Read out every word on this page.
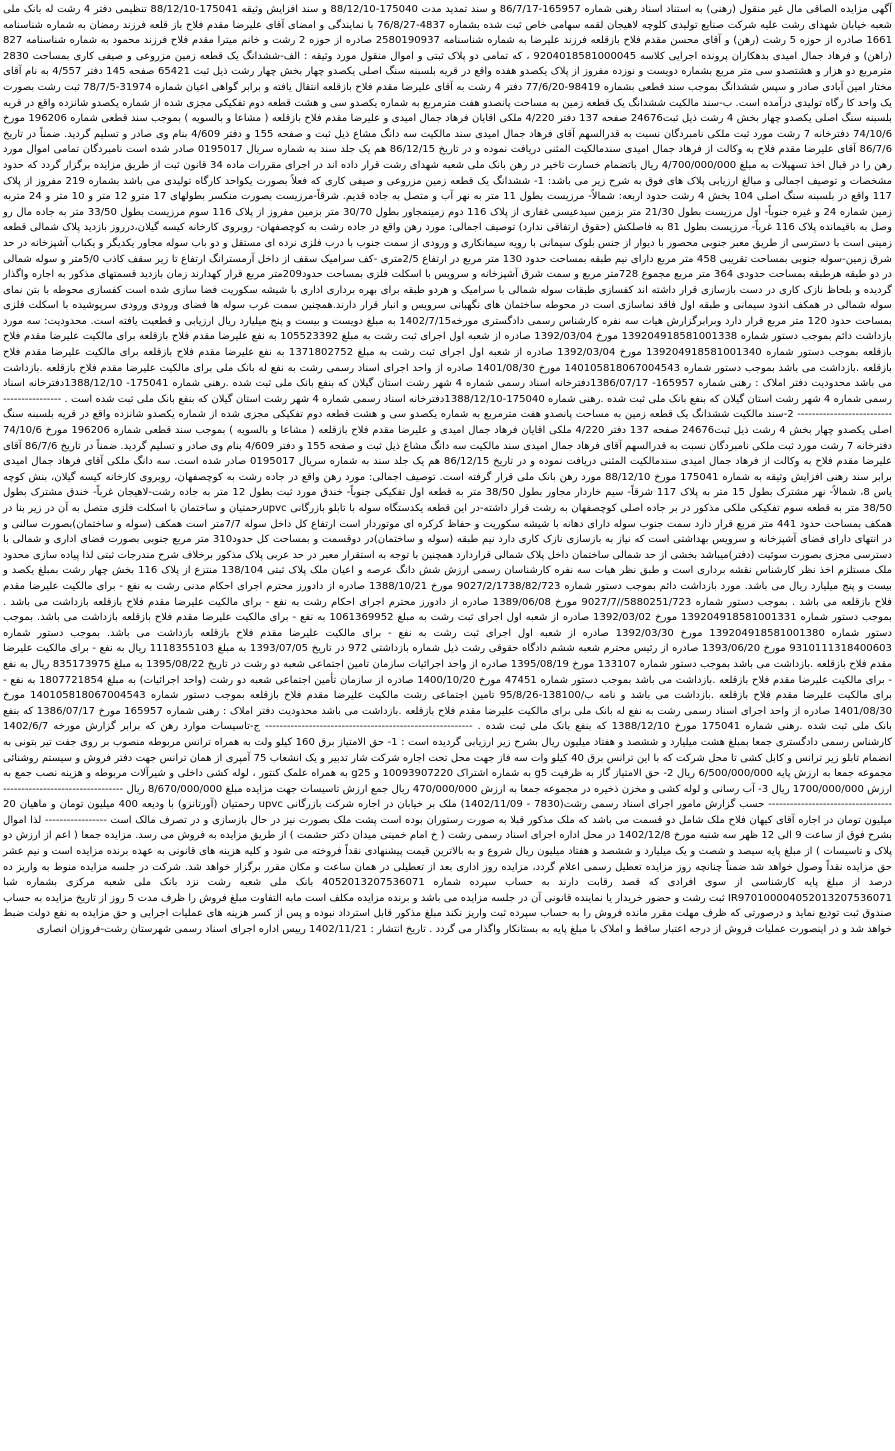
آگهی مزایده الصاقی مال غیر منقول (رهنی) به استناد اسناد رهنی شماره 165957-86/7/17 و سند تمدید مدت 175040-88/12/10 و سند افزایش وثیقه 175041-88/12/10 تنظیمی دفتر 4 رشت له بانک ملی شعبه خیابان شهدای رشت علیه شرکت صنایع تولیدی کلوچه لاهیجان لقمه سهامی خاص ثبت شده بشماره 4837-76/8/27 با نمایندگی و امضای آقای علیرضا مقدم فلاح باز قلعه فرزند رمضان به شماره شناسنامه 1661 صادره از حوزه 5 رشت (رهن) و آقای محسن مقدم فلاح بازقلعه فرزند علیرضا به شماره شناسنامه 2580190937 صادره از حوزه 2 رشت و خانم میترا مقدم فلاح فرزند محمود به شماره شناسنامه 827 (راهن) و فرهاد جمال امیدی بدهکاران پرونده اجرایی کلاسه 9204018581000045 ، که تمامی دو پلاک ثبتی و اموال منقول مورد وثیقه : الف-ششدانگ یک قطعه زمین مزروعی و صیفی کاری بمساحت 2830 مترمربع دو هزار و هشتصدو سی متر مربع بشماره دویست و نوزده مفروز از پلاک یکصدو هفده واقع در قریه بلسبنه سنگ اصلی یکصدو چهار بخش چهار رشت ذیل ثبت 65421 صفحه 145 دفتر 4/557 به نام آقای مختار امین آبادی صادر و سپس ششدانگ بموجب سند قطعی بشماره 98419-77/6/20 دفتر 4 رشت به آقای علیرضا مقدم فلاح بازقلعه انتقال یافته و برابر گواهی اعیان شماره 31974-78/7/5 ثبت رشت بصورت یک واحد کا رگاه تولیدی درآمده است. ب-سند مالکیت ششدانگ یک قطعه زمین به مساحت پانصدو هفت مترمربع به شماره یکصدو سی و هشت قطعه دوم تفکیکی مجزی شده از شماره یکصدو شانزده واقع در قریه بلسبنه سنگ اصلی یکصدو چهار بخش 4 رشت ذیل ثبت24676 صفحه 137 دفتر 4/220 ملکی اقایان فرهاد جمال امیدی و علیرضا مقدم فلاح بازقلعه ( مشاعا و بالسویه ) بموجب سند قطعی شماره 196206 مورخ 74/10/6 دفترخانه 7 رشت مورد ثبت ملکی نامبردگان نسبت به قدرالسهم آقای فرهاد جمال امیدی سند مالکیت سه دانگ مشاع ذیل ثبت و صفحه 155 و دفتر 4/609 بنام وی صادر و تسلیم گردید. ضمناً در تاریخ 86/7/6 آقای علیرضا مقدم فلاح به وکالت از فرهاد جمال امیدی سندمالکیت المثنی دریافت نموده و در تاریخ 86/12/15 هم یک جلد سند به شماره سریال 0195017 صادر شده است نامبردگان تمامی اموال مورد رهن را در قبال اخذ تسهیلات به مبلغ 4/700/000/000 ریال باتضمام خسارت تاخیر در رهن بانک ملی شعبه شهدای رشت قرار داده اند در اجرای مقررات ماده 34 قانون ثبت از طریق مزایده برگزار گردد که حدود مشخصات و توصیف اجمالی و مبالغ ارزیابی پلاک های فوق به شرح زیر می باشد: 1- ششدانگ یک قطعه زمین مزروعی و صیفی کاری که فعلاً بصورت یکواحد کارگاه تولیدی می باشد بشماره 219 مفروز از پلاک 117 واقع در بلسبنه سنگ اصلی 104 بخش 4 رشت حدود اربعه: شمالاً- مرزیست بطول 11 متر به نهر آب و متصل به جاده قدیم. شرقاً-مرزیست بصورت منکسر بطولهای 17 مترو 12 متر و 10 متر و 24 متربه زمین شماره 24 و غیره جنوباً- اول مرزیست بطول 21/30 متر بزمین سیدعیسی غفاری از پلاک 116 دوم زمینمجاور بطول 30/70 متر بزمین مفروز از پلاک 116 سوم مرزیست بطول 33/50 متر به جاده مال رو وصل به باقیمانده پلاک 116 غرباً- مرزیست بطول 81 به فاصلکش (حقوق ارتفاقی ندارد) توصیف اجمالی: مورد رهن واقع در جاده رشت به کوچصفهان- روبروی کارخانه کیسه گیلان،درروز بازدید پلاک شمالی قطعه زمینی است با دسترسی از طریق معبر جنوبی محصور با دیوار از جنس بلوک سیمانی با رویه سیمانکاری و ورودی از سمت جنوب با درب فلزی نرده ای مستقل و دو باب سوله مجاور یکدیگر و یکباب آشپزخانه در حد شرق زمین-سوله جنوبی بمساحت تقریبی 458 متر مربع دارای نیم طبقه بمساحت حدود 130 متر مربع در ارتفاع 2/5متری -کف سرامیک سقف از داخل آرمسترانگ ارتفاع تا زیر سقف کاذب 5/0متر و سوله شمالی در دو طبقه هرطبقه بمساحت حدودی 364 متر مربع مجموع 728متر مربع و سمت شرق آشپزخانه و سرویس با اسکلت فلزی بمساحت حدود209متر مربع قرار کهدارند زمان بازدید قسمتهای مذکور به اجاره واگذار گردیده و بلحاظ نازک کاری در دست بازسازی قرار داشته اند کفسازی طبقات سوله شمالی با سرامیک و هردو طبقه برای بهره برداری اداری با شیشه سکوریت فضا سازی شده است کفسازی محوطه با بتن نمای سوله شمالی در همکف اندود سیمانی و طبقه اول فاقد نماسازی است در محوطه ساختمان های نگهبانی سرویس و انبار قرار دارند.همچنین سمت غرب سوله ها فضای ورودی ورودی سرپوشیده با اسکلت فلزی بمساحت حدود 120 متر مربع قرار دارد وبرابرگزارش هیات سه نفره کارشناس رسمی دادگستری مورخه1402/7/15 به مبلغ دویست و بیست و پنج میلیارد ریال ارزیابی و قطعیت یافته است. محدودیت: سه مورد بازداشت دائم بموجب دستور شماره 139204918581001338 مورخ 1392/03/04 صادره از شعبه اول اجرای ثبت رشت به مبلغ 105523392 به نفع علیرضا مقدم فلاح بازقلعه برای مالکیت علیرضا مقدم فلاح بازقلعه بموجب دستور شماره 139204918581001340 مورخ 1392/03/04 صادره از شعبه اول اجرای ثبت رشت به مبلغ 1371802752 به نفع علیرضا مقدم فلاح بازقلعه برای مالکیت علیرضا مقدم فلاح بازقلعه .بازداشت می باشد بموجب دستور شماره 140105818067004543 مورخ 1401/08/30 صادره از واحد اجرای اسناد رسمی رشت به نفع له بانک ملی برای مالکیت علیرضا مقدم فلاح بازقلعه .بازداشت می باشد محدودیت دفتر املاک : رهنی شماره 165957- 1386/07/17دفترخانه اسناد رسمی شماره 4 شهر رشت استان گیلان که بنفع بانک ملی ثبت شده .رهنی شماره 175041- 1388/12/10دفترخانه اسناد رسمی شماره 4 شهر رشت استان گیلان که بنفع بانک ملی ثبت شده .رهنی شماره 175040-1388/12/10دفترخانه اسناد رسمی شماره 4 شهر رشت استان گیلان که بنفع بانک ملی ثبت شده است . ------------------------------------------ 2-سند مالکیت ششدانگ یک قطعه زمین به مساحت پانصدو هفت مترمربع به شماره یکصدو سی و هشت قطعه دوم تفکیکی مجزی شده از شماره یکصدو شانزده واقع در قریه بلسبنه سنگ اصلی یکصدو چهار بخش 4 رشت ذیل ثبت24676 صفحه 137 دفتر 4/220 ملکی اقایان فرهاد جمال امیدی و علیرضا مقدم فلاح بازقلعه ( مشاعا و بالسویه ) بموجب سند قطعی شماره 196206 مورخ 74/10/6 دفترخانه 7 رشت مورد ثبت ملکی نامبردگان نسبت به قدرالسهم آقای فرهاد جمال امیدی سند مالکیت سه دانگ مشاع ذیل ثبت و صفحه 155 و دفتر 4/609 بنام وی صادر و تسلیم گردید. ضمناً در تاریخ 86/7/6 آقای علیرضا مقدم فلاح به وکالت از فرهاد جمال امیدی سندمالکیت المثنی دریافت نموده و در تاریخ 86/12/15 هم یک جلد سند به شماره سریال 0195017 صادر شده است. سه دانگ ملکی آقای فرهاد جمال امیدی برابر سند رهنی افزایش وثیقه به شماره 175041 مورخ 88/12/10 مورد رهن بانک ملی قرار گرفته است. توصیف اجمالی: مورد رهن واقع در جاده رشت به کوچصفهان، روبروی کارخانه کیسه گیلان، بنش کوچه یاس 8، شمالاً- نهر مشترک بطول 15 متر به پلاک 117 شرقاً- سیم خاردار مجاور بطول 38/50 متر به قطعه اول تفکیکی جنوباً- خندق مورد ثبت بطول 12 متر به جاده رشت-لاهیجان غرباً- خندق مشترک بطول 38/50 متر به قطعه سوم تفکیکی ملکی مذکور در بر جاده اصلی کوچصفهان به رشت قرار داشته-در این قطعه یکدستگاه سوله با تابلو بازرگانی upvcرحمتیان و ساختمان با اسکلت فلزی متصل به آن در زیر بنا در همکف بمساحت حدود 441 متر مربع قرار دارد سمت جنوب سوله دارای دهانه با شیشه سکوریت و حفاظ کرکره ای موتوردار است ارتفاع کل داخل سوله 7/7متر است همکف (سوله و ساختمان)بصورت سالنی و در انتهای دارای فضای آشپزخانه و سرویس بهداشتی است که نیاز به بازسازی نازک کاری دارد نیم طبقه (سوله و ساختمان)در دوقسمت و بمساحت کل حدود310 متر مربع جنوبی بصورت فضای اداری و شمالی با دسترسی مجزی بصورت سوئیت (دفتر)میباشد بخشی از حد شمالی ساختمان داخل پلاک شمالی قراردارد همچنین با توجه به استقرار معبر در حد عربی پلاک مذکور برخلاف شرح مندرجات ثبتی لذا پیاده سازی محدود ملک مستلزم اخذ نظر کارشناس نقشه برداری است و طبق نظر هیات سه نفره کارشناسان رسمی ارزش شش دانگ عرصه و اعیان ملک پلاک ثبتی 138/104 منتزع از پلاک 116 بخش چهار رشت بمبلغ یکصد و بیست و پنج میلیارد ریال می باشد. مورد بازداشت دائم بموجب دستور شماره 9027/2/1738/82/723 مورخ 1388/10/21 صادره از دادورز محترم اجرای احکام مدنی رشت به نفع - برای مالکیت علیرضا مقدم فلاح بازقلعه می باشد . بموجب دستور شماره 5880251/723//9027/7 مورخ 1389/06/08 صادره از دادورز محترم اجرای احکام رشت به نفع - برای مالکیت علیرضا مقدم فلاح بازقلعه بازداشت می باشد . بموجب دستور شماره 139204918581001331 مورخ 1392/03/02 صادره از شعبه اول اجرای ثبت رشت به مبلغ 1061369952 به نفع - برای مالکیت علیرضا مقدم فلاح بازقلعه بازداشت می باشد. بموجب دستور شماره 139204918581001380 مورخ 1392/03/30 صادره از شعبه اول اجرای ثبت رشت به نفع - برای مالکیت علیرضا مقدم فلاح بازقلعه بازداشت می باشد. بموجب دستور شماره 9310111318400603 مورخ 1393/06/20 صادره از رئیس محترم شعبه ششم دادگاه حقوقی رشت ذیل شماره بازداشتی 972 در تاریخ 1393/07/05 به مبلغ 1118355103 ریال به نفع - برای مالکیت علیرضا مقدم فلاح بازقلعه .بازداشت می باشد بموجب دستور شماره 133107 مورخ 1395/08/19 صادره از واحد اجرائیات سازمان تامین اجتماعی شعبه دو رشت در تاریخ 1395/08/22 به مبلغ 835173975 ریال به نفع - برای مالکیت علیرضا مقدم فلاح بازقلعه .بازداشت می باشد بموجب دستور شماره 47451 مورخ 1400/10/20 صادره از سازمان تأمین اجتماعی شعبه دو رشت (واحد اجرائیات) به مبلغ 1807721854 به نفع - برای مالکیت علیرضا مقدم فلاح بازقلعه .بازداشت می باشد و نامه ب/138100-95/8/26 تامین اجتماعی رشت مالکیت علیرضا مقدم فلاح بازقلعه بموجب دستور شماره 140105818067004543 مورخ 1401/08/30 صادره از واحد اجرای اسناد رسمی رشت به نفع له بانک ملی برای مالکیت علیرضا مقدم فلاح بازقلعه .بازداشت می باشد محدودیت دفتر املاک : رهنی شماره 165957 مورخ 1386/07/17 که بنفع بانک ملی ثبت شده .رهنی شماره 175041 مورخ 1388/12/10 که بنفع بانک ملی ثبت شده . --------------------------------------------------------- ج-تاسیسات موارد رهن که برابر گزارش مورخه 1402/6/7 کارشناس رسمی دادگستری جمعا بمبلغ هشت میلیارد و ششصد و هفتاد میلیون ریال بشرح زیر ارزیابی گردیده است : 1- حق الامتیاز برق 160 کیلو ولت به همراه ترانس مربوطه منصوب بر روی جفت تیر بتونی به انضمام تابلو زیر ترانس و کابل کشی تا محل شرکت که با این ترانس برق 40 کیلو وات سه فاز جهت محل تحت اجاره شرکت شار تدبیر و یک انشعاب 75 آمپری از همان ترانس جهت دفتر فروش و سیستم روشنائی مجموعه جمعا به ارزش پایه 6/500/000/000 ریال 2- حق الامتیاز گاز به ظرفیت g5 به شماره اشتراک 10093907220 و g25 به همراه علمک کنتور ، لوله کشی داخلی و شیرآلات مربوطه و هزینه نصب جمع به ارزش 1700/000/000 ریال 3- آب رسانی و لوله کشی و مخزن ذخیره در مجموعه جمعا به ارزش 470/000/000 ریال جمع ارزش تاسیسات جهت مزایده مبلغ 8/670/000/000 ریال ------------------------------------------------------------------- حسب گزارش مامور اجرای اسناد رسمی رشت(7830 - 1402/11/09) ملک بر خیابان در اجاره شرکت بازرگانی upvc رحمتیان (آورتانزو) با ودیعه 400 میلیون تومان و ماهیان 20 میلیون تومان در اجاره آقای کیهان فلاح ملک شامل دو قسمت می باشد که ملک مذکور قبلا به صورت رستوران بوده است پشت ملک بصورت نیز در حال بازسازی و در تصرف مالک است ----------------- لذا اموال بشرح فوق از ساعت 9 الی 12 ظهر سه شنبه مورخ 1402/12/8 در محل اداره اجرای اسناد رسمی رشت ( خ امام خمینی میدان دکتر حشمت ) از طریق مزایده به فروش می رسد. مزایده جمعا ( اعم از ارزش دو پلاک و تاسیسات ) از مبلغ پایه سیصد و شصت و یک میلیارد و ششصد و هفتاد میلیون ریال شروع و به بالاترین قیمت پیشنهادی نقداً فروخته می شود و کلیه هزینه های قانونی به عهده برنده مزایده است و نیم عشر حق مزایده نقداً وصول خواهد شد ضمناً چنانچه روز مزایده تعطیل رسمی اعلام گردد، مزایده روز اداری بعد از تعطیلی در همان ساعت و مکان مقرر برگزار خواهد شد. شرکت در جلسه مزایده منوط به واریز ده درصد از مبلغ پایه کارشناسی از سوی افرادی که قصد رقابت دارند به حساب سپرده شماره 4052013207536071 بانک ملی شعبه رشت نزد بانک ملی شعبه مرکزی بشماره شبا IR970100004052013207536071 ثبت رشت و حضور خریدار یا نماینده قانونی آن در جلسه مزایده می باشد و برنده مزایده مکلف است مابه التفاوت مبلغ فروش را ظرف مدت 5 روز از تاریخ مزایده به حساب صندوق ثبت تودیع نماید و درصورتی که ظرف مهلت مقرر مانده فروش را به حساب سپرده ثبت واریز نکند مبلغ مذکور قابل استرداد نبوده و پس از کسر هزینه های عملیات اجرایی و حق مزایده به نفع دولت ضبط خواهد شد و در اینصورت عملیات فروش از درجه اعتبار ساقط و املاک با مبلغ پایه به بستانکار واگذار می گردد . تاریخ انتشار : 1402/11/21 رییس اداره اجرای اسناد رسمی شهرستان رشت-فروزان انصاری
